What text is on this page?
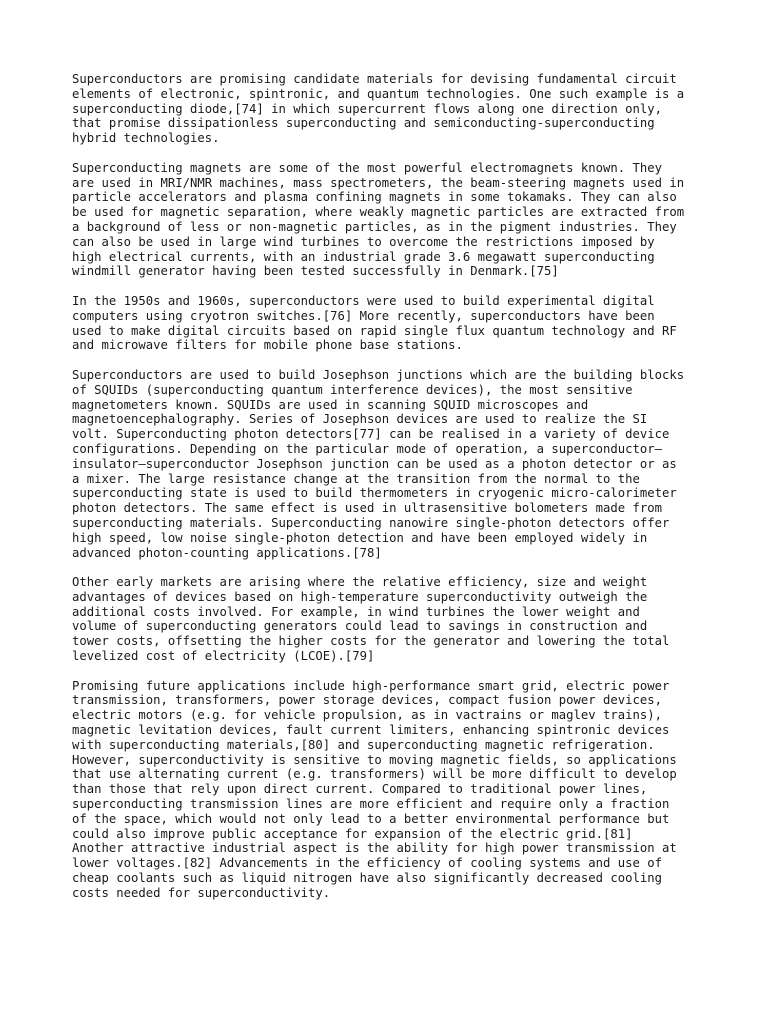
Superconductors are promising candidate materials for devising fundamental circuit
elements of electronic, spintronic, and quantum technologies. One such example is a
superconducting diode,[74] in which supercurrent flows along one direction only,
that promise dissipationless superconducting and semiconducting-superconducting
hybrid technologies.

Superconducting magnets are some of the most powerful electromagnets known. They
are used in MRI/NMR machines, mass spectrometers, the beam-steering magnets used in
particle accelerators and plasma confining magnets in some tokamaks. They can also
be used for magnetic separation, where weakly magnetic particles are extracted from
a background of less or non-magnetic particles, as in the pigment industries. They
can also be used in large wind turbines to overcome the restrictions imposed by
high electrical currents, with an industrial grade 3.6 megawatt superconducting
windmill generator having been tested successfully in Denmark.[75]

In the 1950s and 1960s, superconductors were used to build experimental digital
computers using cryotron switches.[76] More recently, superconductors have been
used to make digital circuits based on rapid single flux quantum technology and RF
and microwave filters for mobile phone base stations.

Superconductors are used to build Josephson junctions which are the building blocks
of SQUIDs (superconducting quantum interference devices), the most sensitive
magnetometers known. SQUIDs are used in scanning SQUID microscopes and
magnetoencephalography. Series of Josephson devices are used to realize the SI
volt. Superconducting photon detectors[77] can be realised in a variety of device
configurations. Depending on the particular mode of operation, a superconductor–
insulator–superconductor Josephson junction can be used as a photon detector or as
a mixer. The large resistance change at the transition from the normal to the
superconducting state is used to build thermometers in cryogenic micro-calorimeter
photon detectors. The same effect is used in ultrasensitive bolometers made from
superconducting materials. Superconducting nanowire single-photon detectors offer
high speed, low noise single-photon detection and have been employed widely in
advanced photon-counting applications.[78]

Other early markets are arising where the relative efficiency, size and weight
advantages of devices based on high-temperature superconductivity outweigh the
additional costs involved. For example, in wind turbines the lower weight and
volume of superconducting generators could lead to savings in construction and
tower costs, offsetting the higher costs for the generator and lowering the total
levelized cost of electricity (LCOE).[79]

Promising future applications include high-performance smart grid, electric power
transmission, transformers, power storage devices, compact fusion power devices,
electric motors (e.g. for vehicle propulsion, as in vactrains or maglev trains),
magnetic levitation devices, fault current limiters, enhancing spintronic devices
with superconducting materials,[80] and superconducting magnetic refrigeration.
However, superconductivity is sensitive to moving magnetic fields, so applications
that use alternating current (e.g. transformers) will be more difficult to develop
than those that rely upon direct current. Compared to traditional power lines,
superconducting transmission lines are more efficient and require only a fraction
of the space, which would not only lead to a better environmental performance but
could also improve public acceptance for expansion of the electric grid.[81]
Another attractive industrial aspect is the ability for high power transmission at
lower voltages.[82] Advancements in the efficiency of cooling systems and use of
cheap coolants such as liquid nitrogen have also significantly decreased cooling
costs needed for superconductivity.
